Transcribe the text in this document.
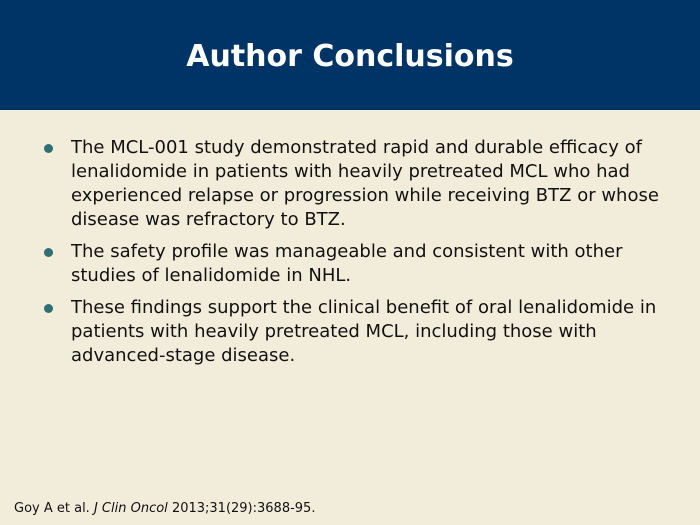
Author Conclusions
The MCL-001 study demonstrated rapid and durable efficacy of lenalidomide in patients with heavily pretreated MCL who had experienced relapse or progression while receiving BTZ or whose disease was refractory to BTZ.
The safety profile was manageable and consistent with other studies of lenalidomide in NHL.
These findings support the clinical benefit of oral lenalidomide in patients with heavily pretreated MCL, including those with advanced-stage disease.
Goy A et al. J Clin Oncol 2013;31(29):3688-95.
